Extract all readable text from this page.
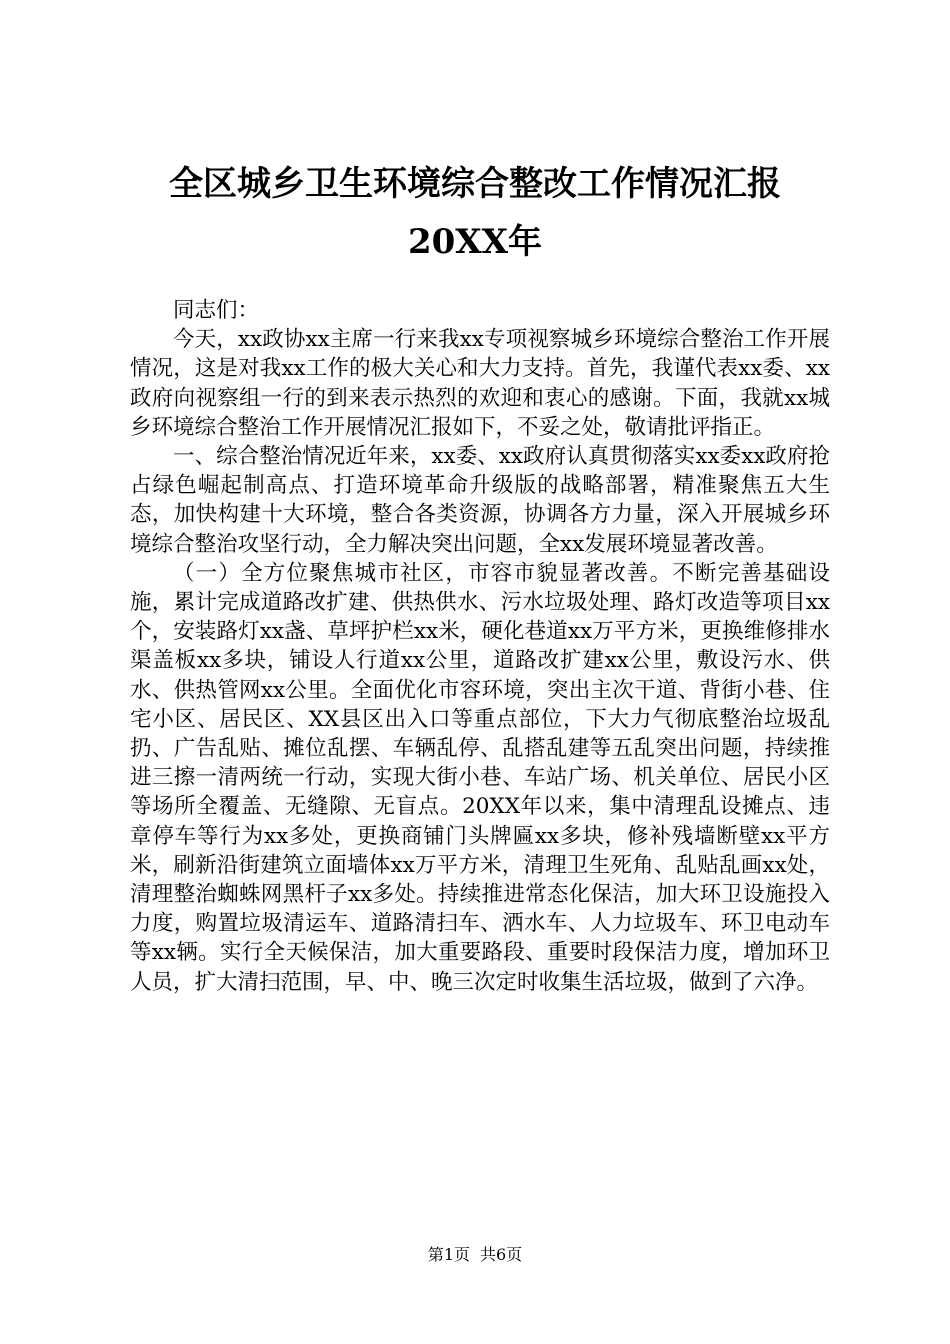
全区城乡卫生环境综合整改工作情况汇报
20XX年

同志们：

今天，xx政协xx主席一行来我xx专项视察城乡环境综合整治工作开展情况，这是对我xx工作的极大关心和大力支持。首先，我谨代表xx委、xx政府向视察组一行的到来表示热烈的欢迎和衷心的感谢。下面，我就xx城乡环境综合整治工作开展情况汇报如下，不妥之处，敬请批评指正。

一、综合整治情况近年来，xx委、xx政府认真贯彻落实xx委xx政府抢占绿色崛起制高点、打造环境革命升级版的战略部署，精准聚焦五大生态，加快构建十大环境，整合各类资源，协调各方力量，深入开展城乡环境综合整治攻坚行动，全力解决突出问题，全xx发展环境显著改善。

（一）全方位聚焦城市社区，市容市貌显著改善。不断完善基础设施，累计完成道路改扩建、供热供水、污水垃圾处理、路灯改造等项目xx个，安装路灯xx盏、草坪护栏xx米，硬化巷道xx万平方米，更换维修排水渠盖板xx多块，铺设人行道xx公里，道路改扩建xx公里，敷设污水、供水、供热管网xx公里。全面优化市容环境，突出主次干道、背街小巷、住宅小区、居民区、XX县区出入口等重点部位，下大力气彻底整治垃圾乱扔、广告乱贴、摊位乱摆、车辆乱停、乱搭乱建等五乱突出问题，持续推进三擦一清两统一行动，实现大街小巷、车站广场、机关单位、居民小区等场所全覆盖、无缝隙、无盲点。20XX年以来，集中清理乱设摊点、违章停车等行为xx多处，更换商铺门头牌匾xx多块，修补残墙断壁xx平方米，刷新沿街建筑立面墙体xx万平方米，清理卫生死角、乱贴乱画xx处，清理整治蜘蛛网黑杆子xx多处。持续推进常态化保洁，加大环卫设施投入力度，购置垃圾清运车、道路清扫车、洒水车、人力垃圾车、环卫电动车等xx辆。实行全天候保洁，加大重要路段、重要时段保洁力度，增加环卫人员，扩大清扫范围，早、中、晚三次定时收集生活垃圾，做到了六净。

第1页 共6页
